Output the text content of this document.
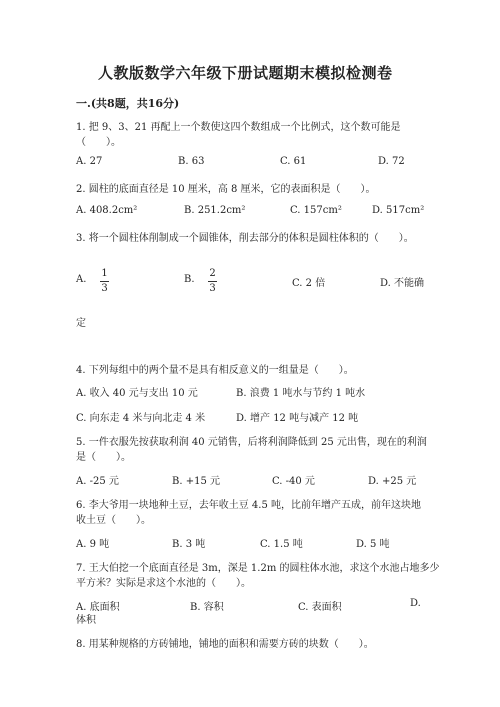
人教版数学六年级下册试题期末模拟检测卷
一.(共8题，共16分)
1. 把 9、3、21 再配上一个数使这四个数组成一个比例式，这个数可能是
（　　）。
A. 27	B. 63	C. 61	D. 72
2. 圆柱的底面直径是 10 厘米，高 8 厘米，它的表面积是（　　）。
A. 408.2cm²	B. 251.2cm²	C. 157cm²	D. 517cm²
3. 将一个圆柱体削制成一个圆锥体，削去部分的体积是圆柱体积的（　　）。
A.
1
3
B.
2
3	C. 2 倍	D. 不能确
定
4. 下列每组中的两个量不是具有相反意义的一组量是（　　）。
A. 收入 40 元与支出 10 元	B. 浪费 1 吨水与节约 1 吨水
C. 向东走 4 米与向北走 4 米	D. 增产 12 吨与减产 12 吨
5. 一件衣服先按获取利润 40 元销售，后将利润降低到 25 元出售，现在的利润
是（　　）。
A. -25 元	B. +15 元	C. -40 元	D. +25 元
6. 李大爷用一块地种土豆，去年收土豆 4.5 吨，比前年增产五成，前年这块地
收土豆（　　）。
A. 9 吨	B. 3 吨	C. 1.5 吨	D. 5 吨
7. 王大伯挖一个底面直径是 3m，深是 1.2m 的圆柱体水池，求这个水池占地多少
平方米？实际是求这个水池的（　　）。
A. 底面积	B. 容积	C. 表面积	D.
体积
8. 用某种规格的方砖铺地，铺地的面积和需要方砖的块数（　　）。
